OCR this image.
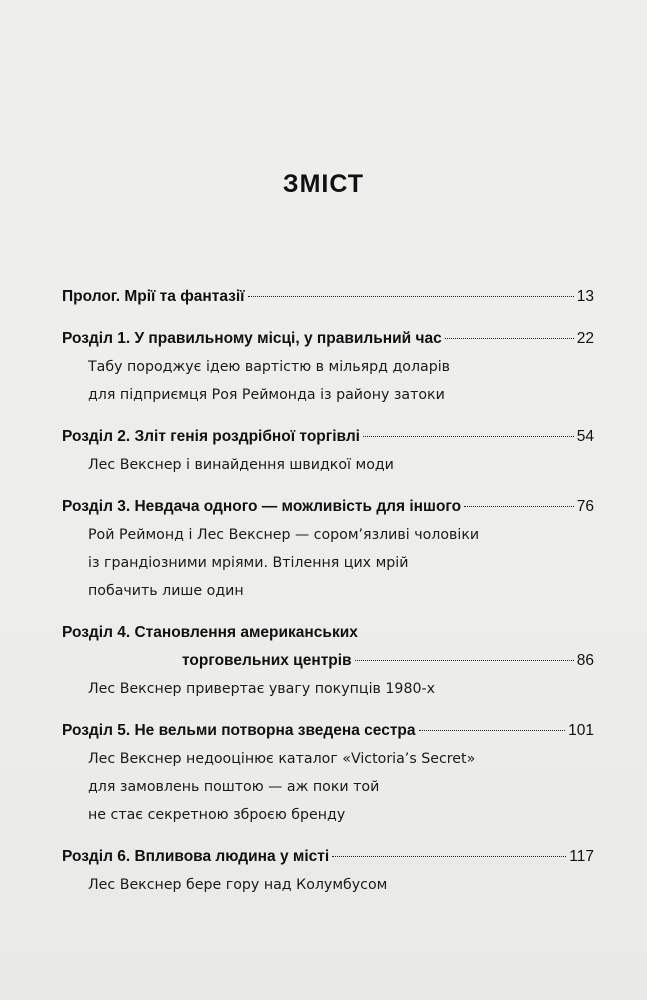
ЗМІСТ
Пролог. Мрії та фантазії	13
Розділ 1. У правильному місці, у правильний час	22
Табу породжує ідею вартістю в мільярд доларів
для підприємця Роя Реймонда із району затоки
Розділ 2. Зліт генія роздрібної торгівлі	54
Лес Векснер і винайдення швидкої моди
Розділ 3. Невдача одного — можливість для іншого	76
Рой Реймонд і Лес Векснер — сором’язливі чоловіки
із грандіозними мріями. Втілення цих мрій
побачить лише один
Розділ 4. Становлення американських
торговельних центрів	86
Лес Векснер привертає увагу покупців 1980-х
Розділ 5. Не вельми потворна зведена сестра	101
Лес Векснер недооцінює каталог «Victoria’s Secret»
для замовлень поштою — аж поки той
не стає секретною зброєю бренду
Розділ 6. Впливова людина у місті	117
Лес Векснер бере гору над Колумбусом
